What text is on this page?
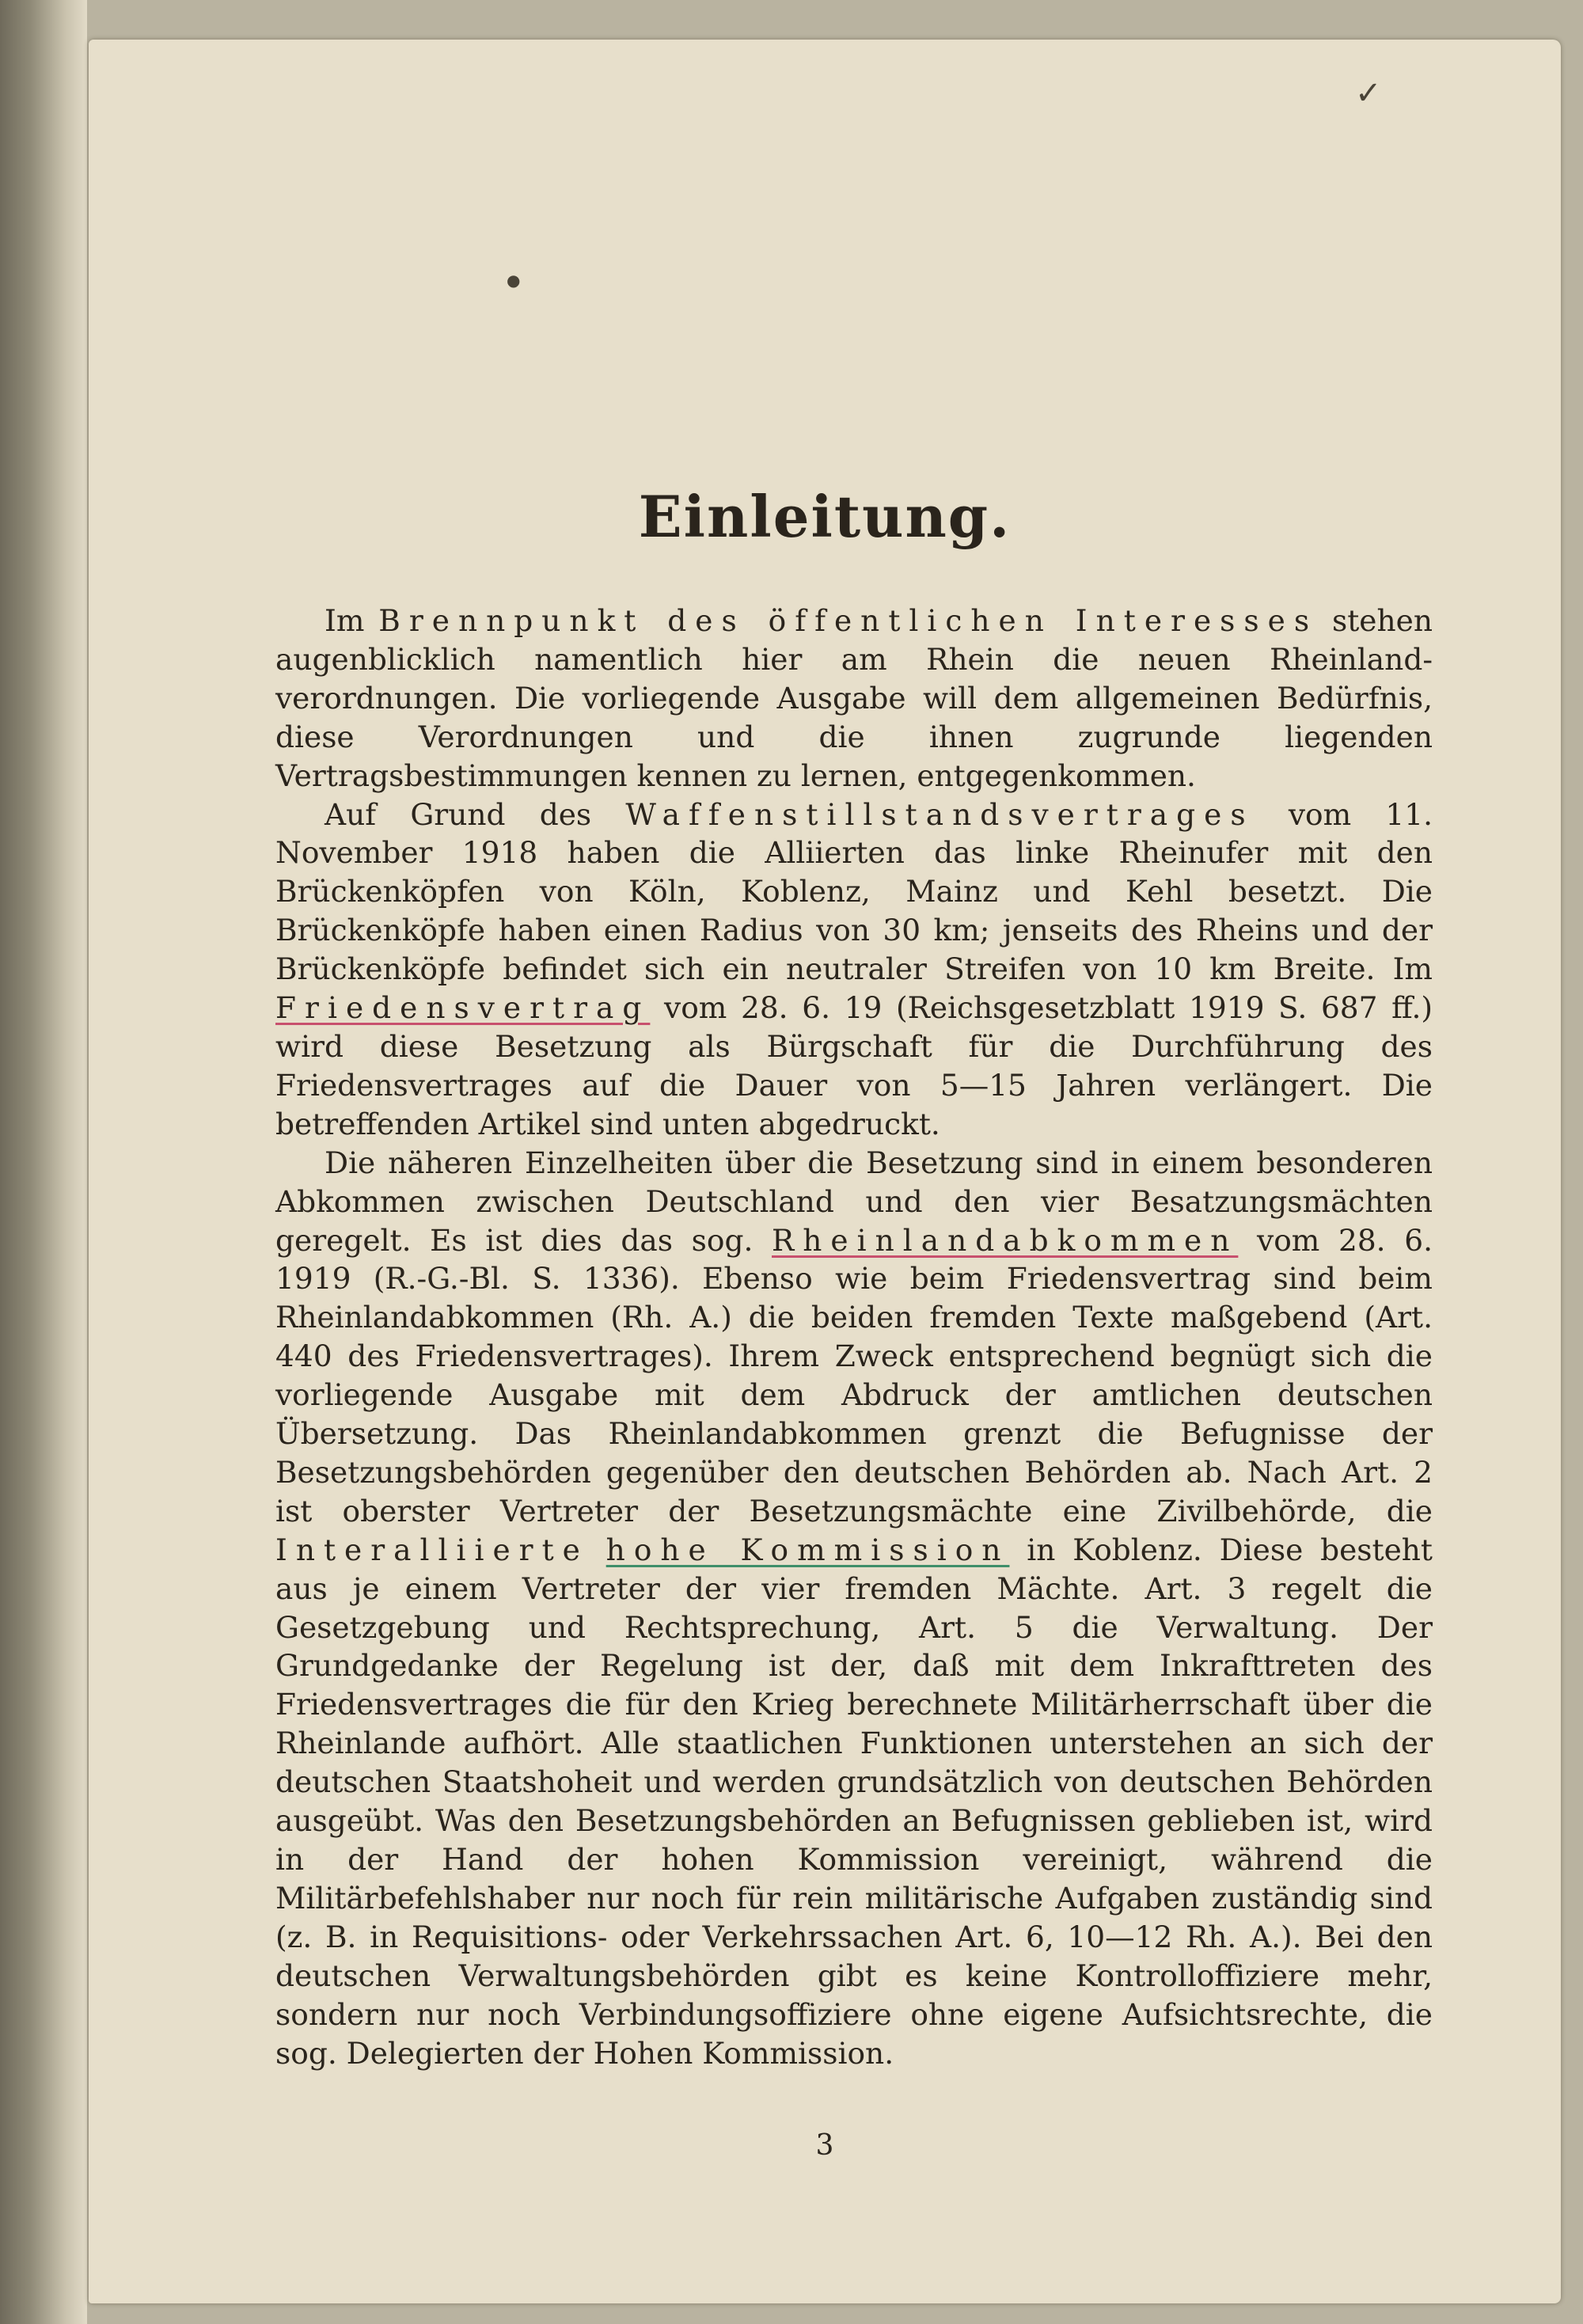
✓
●
Einleitung.

Im Brennpunkt des öffentlichen Interesses stehen augenblicklich namentlich hier am Rhein die neuen Rheinlandverordnungen. Die vorliegende Ausgabe will dem allgemeinen Bedürfnis, diese Verordnungen und die ihnen zugrunde liegenden Vertragsbestimmungen kennen zu lernen, entgegenkommen.

Auf Grund des Waffenstillstandsvertrages vom 11. November 1918 haben die Alliierten das linke Rheinufer mit den Brückenköpfen von Köln, Koblenz, Mainz und Kehl besetzt. Die Brückenköpfe haben einen Radius von 30 km; jenseits des Rheins und der Brückenköpfe befindet sich ein neutraler Streifen von 10 km Breite. Im Friedensvertrag vom 28. 6. 19 (Reichsgesetzblatt 1919 S. 687 ff.) wird diese Besetzung als Bürgschaft für die Durchführung des Friedensvertrages auf die Dauer von 5—15 Jahren verlängert. Die betreffenden Artikel sind unten abgedruckt.

Die näheren Einzelheiten über die Besetzung sind in einem besonderen Abkommen zwischen Deutschland und den vier Besatzungsmächten geregelt. Es ist dies das sog. Rheinlandabkommen vom 28. 6. 1919 (R.-G.-Bl. S. 1336). Ebenso wie beim Friedensvertrag sind beim Rheinlandabkommen (Rh. A.) die beiden fremden Texte maßgebend (Art. 440 des Friedensvertrages). Ihrem Zweck entsprechend begnügt sich die vorliegende Ausgabe mit dem Abdruck der amtlichen deutschen Übersetzung. Das Rheinlandabkommen grenzt die Befugnisse der Besetzungsbehörden gegenüber den deutschen Behörden ab. Nach Art. 2 ist oberster Vertreter der Besetzungsmächte eine Zivilbehörde, die Interalliierte hohe Kommission in Koblenz. Diese besteht aus je einem Vertreter der vier fremden Mächte. Art. 3 regelt die Gesetzgebung und Rechtsprechung, Art. 5 die Verwaltung. Der Grundgedanke der Regelung ist der, daß mit dem Inkrafttreten des Friedensvertrages die für den Krieg berechnete Militärherrschaft über die Rheinlande aufhört. Alle staatlichen Funktionen unterstehen an sich der deutschen Staatshoheit und werden grundsätzlich von deutschen Behörden ausgeübt. Was den Besetzungsbehörden an Befugnissen geblieben ist, wird in der Hand der hohen Kommission vereinigt, während die Militärbefehlshaber nur noch für rein militärische Aufgaben zuständig sind (z. B. in Requisitions- oder Verkehrssachen Art. 6, 10—12 Rh. A.). Bei den deutschen Verwaltungsbehörden gibt es keine Kontrolloffiziere mehr, sondern nur noch Verbindungsoffiziere ohne eigene Aufsichtsrechte, die sog. Delegierten der Hohen Kommission.

3
